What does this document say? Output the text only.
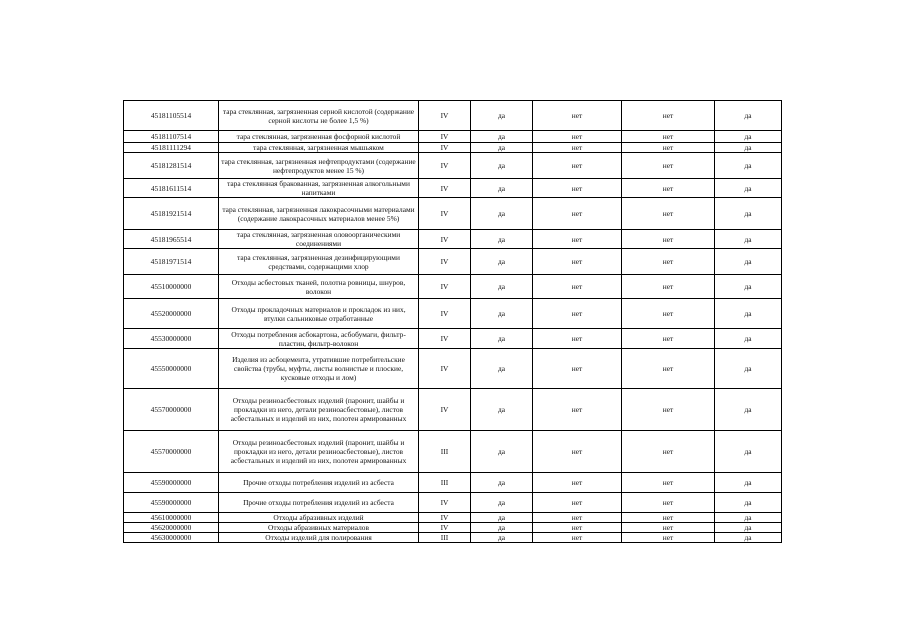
45181105514	тара стеклянная, загрязненная серной кислотой (содержание серной кислоты не более 1,5 %)	IV	да	нет	нет	да
45181107514	тара стеклянная, загрязненная фосфорной кислотой	IV	да	нет	нет	да
45181111294	тара стеклянная, загрязненная мышьяком	IV	да	нет	нет	да
45181281514	тара стеклянная, загрязненная нефтепродуктами (содержание нефтепродуктов менее 15 %)	IV	да	нет	нет	да
45181611514	тара стеклянная бракованная, загрязненная алкогольными напитками	IV	да	нет	нет	да
45181921514	тара стеклянная, загрязненная лакокрасочными материалами (содержание лакокрасочных материалов менее 5%)	IV	да	нет	нет	да
45181965514	тара стеклянная, загрязненная оловоорганическими соединениями	IV	да	нет	нет	да
45181971514	тара стеклянная, загрязненная дезинфицирующими средствами, содержащими хлор	IV	да	нет	нет	да
45510000000	Отходы асбестовых тканей, полотна ровницы, шнуров, волокон	IV	да	нет	нет	да
45520000000	Отходы прокладочных материалов и прокладок из них, втулки сальниковые отработанные	IV	да	нет	нет	да
45530000000	Отходы потребления асбокартона, асбобумаги, фильтр-пластин, фильтр-волокон	IV	да	нет	нет	да
45550000000	Изделия из асбоцемента, утратившие потребительские свойства (трубы, муфты, листы волнистые и плоские, кусковые отходы и лом)	IV	да	нет	нет	да
45570000000	Отходы резиноасбестовых изделий (паронит, шайбы и прокладки из него, детали резиноасбестовые), листов асбестальных и изделий из них, полотен армированных	IV	да	нет	нет	да
45570000000	Отходы резиноасбестовых изделий (паронит, шайбы и прокладки из него, детали резиноасбестовые), листов асбестальных и изделий из них, полотен армированных	III	да	нет	нет	да
45590000000	Прочие отходы потребления изделий из асбеста	III	да	нет	нет	да
45590000000	Прочие отходы потребления изделий из асбеста	IV	да	нет	нет	да
45610000000	Отходы абразивных изделий	IV	да	нет	нет	да
45620000000	Отходы абразивных материалов	IV	да	нет	нет	да
45630000000	Отходы изделий для полирования	III	да	нет	нет	да
